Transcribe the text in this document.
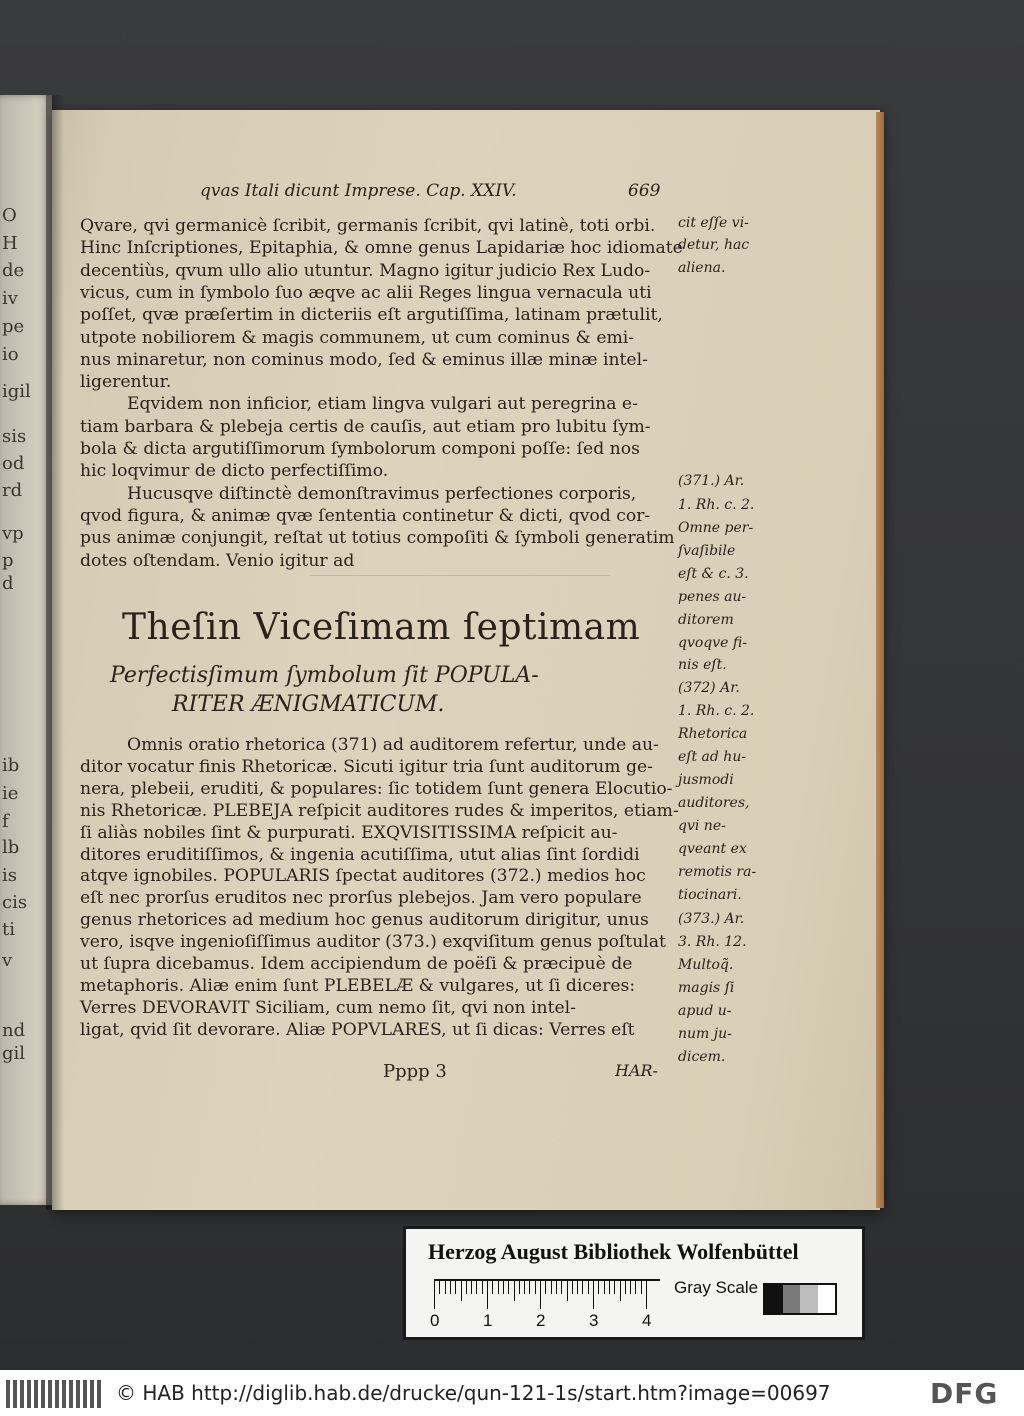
O
H
de
iv
pe
io
igil
sis
od
rd
vp
p
d
ib
ie
f
lb
is
cis
ti
v
nd
gil
qvas Itali dicunt Imprese. Cap. XXIV.	669
Qvare, qvi germanicè ſcribit, germanis ſcribit, qvi latinè, toti orbi.
Hinc Inſcriptiones, Epitaphia, & omne genus Lapidariæ hoc idiomate
decentiùs, qvum ullo alio utuntur. Magno igitur judicio Rex Ludo-
vicus, cum in ſymbolo ſuo æqve ac alii Reges lingua vernacula uti
poſſet, qvæ præſertim in dicteriis eſt argutiſſima, latinam prætulit,
utpote nobiliorem & magis communem, ut cum cominus & emi-
nus minaretur, non cominus modo, ſed & eminus illæ minæ intel-
ligerentur.
Eqvidem non inficior, etiam lingva vulgari aut peregrina e-
tiam barbara & plebeja certis de cauſis, aut etiam pro lubitu ſym-
bola & dicta argutiſſimorum ſymbolorum componi poſſe: ſed nos
hic loqvimur de dicto perfectiſſimo.
Hucusqve diſtinctè demonſtravimus perfectiones corporis,
qvod figura, & animæ qvæ ſententia continetur & dicti, qvod cor-
pus animæ conjungit, reſtat ut totius compoſiti & ſymboli generatim
dotes oſtendam. Venio igitur ad
Theſin Viceſimam ſeptimam
Perfectisſimum ſymbolum ſit POPULA-
RITER ÆNIGMATICUM.
Omnis oratio rhetorica (371) ad auditorem refertur, unde au-
ditor vocatur finis Rhetoricæ. Sicuti igitur tria ſunt auditorum ge-
nera, plebeii, eruditi, & populares: ſic totidem ſunt genera Elocutio-
nis Rhetoricæ. PLEBEJA reſpicit auditores rudes & imperitos, etiam-
ſi aliàs nobiles ſint & purpurati. EXQVISITISSIMA reſpicit au-
ditores eruditiſſimos, & ingenia acutiſſima, utut alias ſint ſordidi
atqve ignobiles. POPULARIS ſpectat auditores (372.) medios hoc
eſt nec prorſus eruditos nec prorſus plebejos. Jam vero populare
genus rhetorices ad medium hoc genus auditorum dirigitur, unus
vero, isqve ingenioſiſſimus auditor (373.) exqviſitum genus poſtulat
ut ſupra dicebamus. Idem accipiendum de poëſi & præcipuè de
metaphoris. Aliæ enim ſunt PLEBELÆ & vulgares, ut ſi diceres:
Verres DEVORAVIT Siciliam, cum nemo ſit, qvi non intel-
ligat, qvid ſit devorare. Aliæ POPVLARES, ut ſi dicas: Verres eſt
cit eſſe vi-
detur, hac
aliena.
(371.) Ar.
1. Rh. c. 2.
Omne per-
ſvaſibile
eſt & c. 3.
penes au-
ditorem
qvoqve fi-
nis eſt.
(372) Ar.
1. Rh. c. 2.
Rhetorica
eſt ad hu-
jusmodi
auditores,
qvi ne-
qveant ex
remotis ra-
tiocinari.
(373.) Ar.
3. Rh. 12.
Multoq̃.
magis ſi
apud u-
num ju-
dicem.
Pppp 3	HAR-
Herzog August Bibliothek Wolfenbüttel
Gray Scale
0	1	2	3	4
© HAB http://diglib.hab.de/drucke/qun-121-1s/start.htm?image=00697	DFG
